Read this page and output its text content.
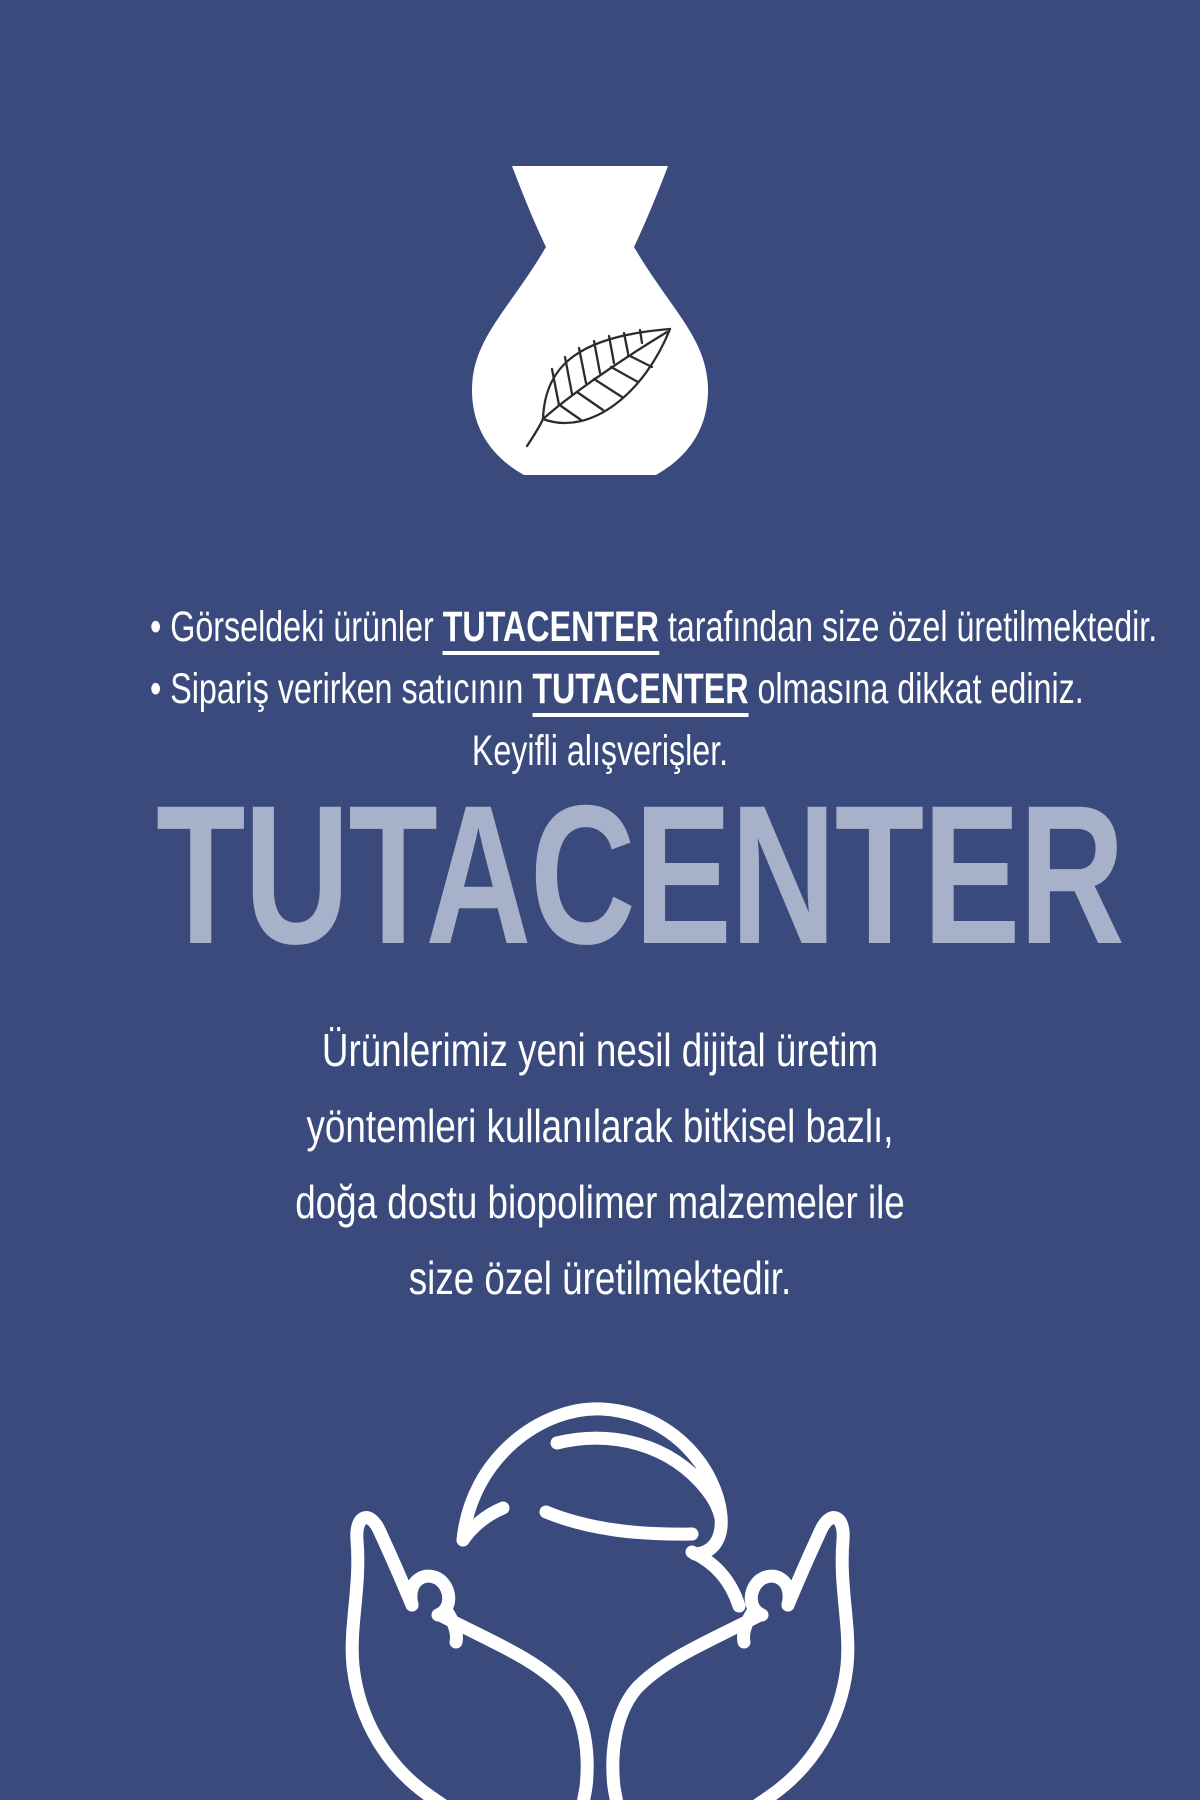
• Görseldeki ürünler TUTACENTER tarafından size özel üretilmektedir.
• Sipariş verirken satıcının TUTACENTER olmasına dikkat ediniz.
Keyifli alışverişler.
TUTACENTER
Ürünlerimiz yeni nesil dijital üretim
yöntemleri kullanılarak bitkisel bazlı,
doğa dostu biopolimer malzemeler ile
size özel üretilmektedir.
